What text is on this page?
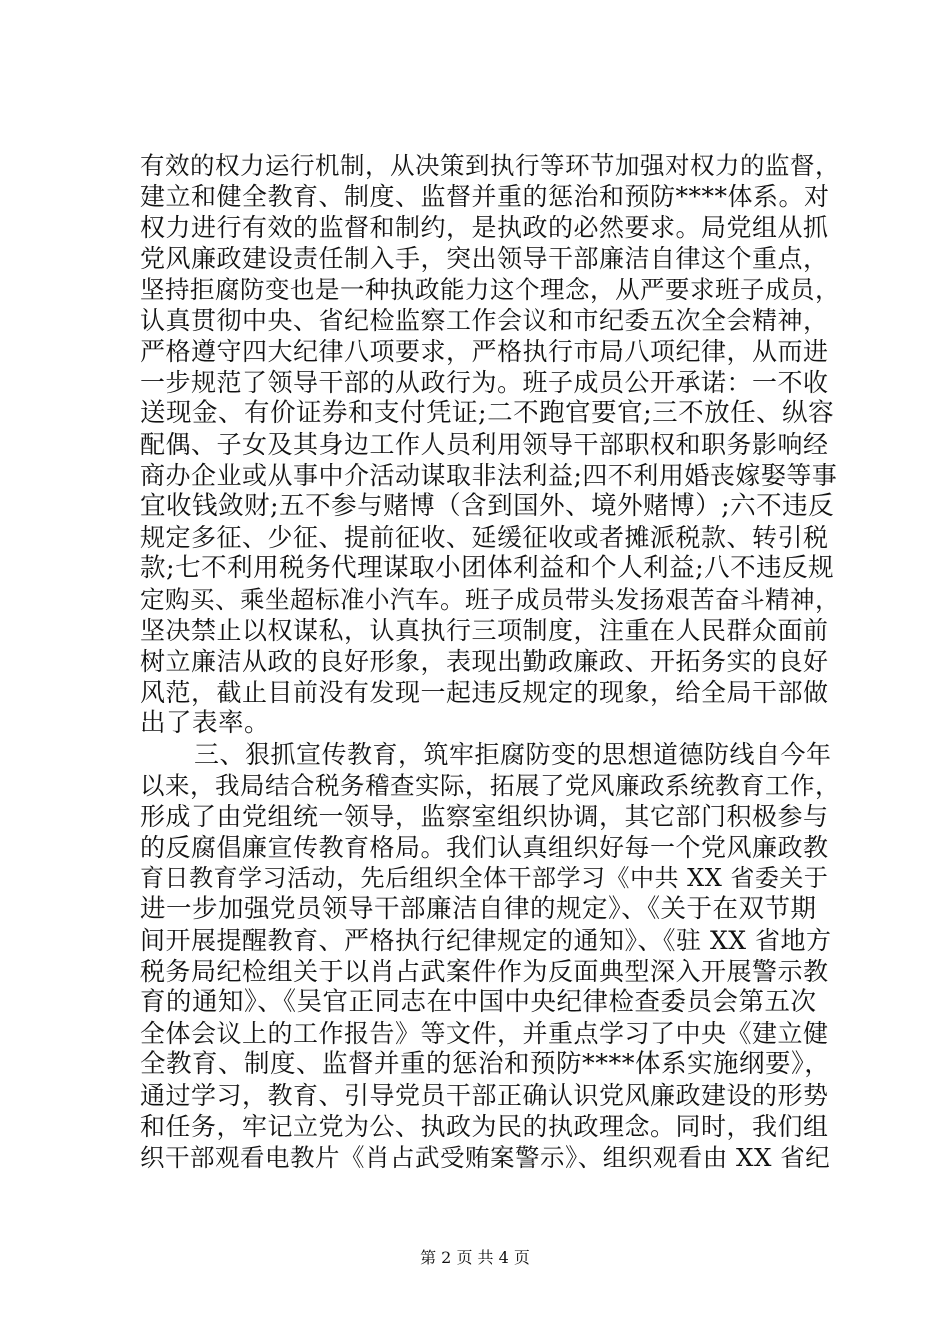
有效的权力运行机制，从决策到执行等环节加强对权力的监督，
建立和健全教育、制度、监督并重的惩治和预防****体系。对
权力进行有效的监督和制约，是执政的必然要求。局党组从抓
党风廉政建设责任制入手，突出领导干部廉洁自律这个重点，
坚持拒腐防变也是一种执政能力这个理念，从严要求班子成员，
认真贯彻中央、省纪检监察工作会议和市纪委五次全会精神，
严格遵守四大纪律八项要求，严格执行市局八项纪律，从而进
一步规范了领导干部的从政行为。班子成员公开承诺：一不收
送现金、有价证券和支付凭证;二不跑官要官;三不放任、纵容
配偶、子女及其身边工作人员利用领导干部职权和职务影响经
商办企业或从事中介活动谋取非法利益;四不利用婚丧嫁娶等事
宜收钱敛财;五不参与赌博（含到国外、境外赌博）;六不违反
规定多征、少征、提前征收、延缓征收或者摊派税款、转引税
款;七不利用税务代理谋取小团体利益和个人利益;八不违反规
定购买、乘坐超标准小汽车。班子成员带头发扬艰苦奋斗精神，
坚决禁止以权谋私，认真执行三项制度，注重在人民群众面前
树立廉洁从政的良好形象，表现出勤政廉政、开拓务实的良好
风范，截止目前没有发现一起违反规定的现象，给全局干部做
出了表率。
三、狠抓宣传教育，筑牢拒腐防变的思想道德防线自今年
以来，我局结合税务稽查实际，拓展了党风廉政系统教育工作，
形成了由党组统一领导，监察室组织协调，其它部门积极参与
的反腐倡廉宣传教育格局。我们认真组织好每一个党风廉政教
育日教育学习活动，先后组织全体干部学习《中共 XX 省委关于
进一步加强党员领导干部廉洁自律的规定》、《关于在双节期
间开展提醒教育、严格执行纪律规定的通知》、《驻 XX 省地方
税务局纪检组关于以肖占武案件作为反面典型深入开展警示教
育的通知》、《吴官正同志在中国中央纪律检查委员会第五次
全体会议上的工作报告》等文件，并重点学习了中央《建立健
全教育、制度、监督并重的惩治和预防****体系实施纲要》，
通过学习，教育、引导党员干部正确认识党风廉政建设的形势
和任务，牢记立党为公、执政为民的执政理念。同时，我们组
织干部观看电教片《肖占武受贿案警示》、组织观看由 XX 省纪
第 2 页 共 4 页
